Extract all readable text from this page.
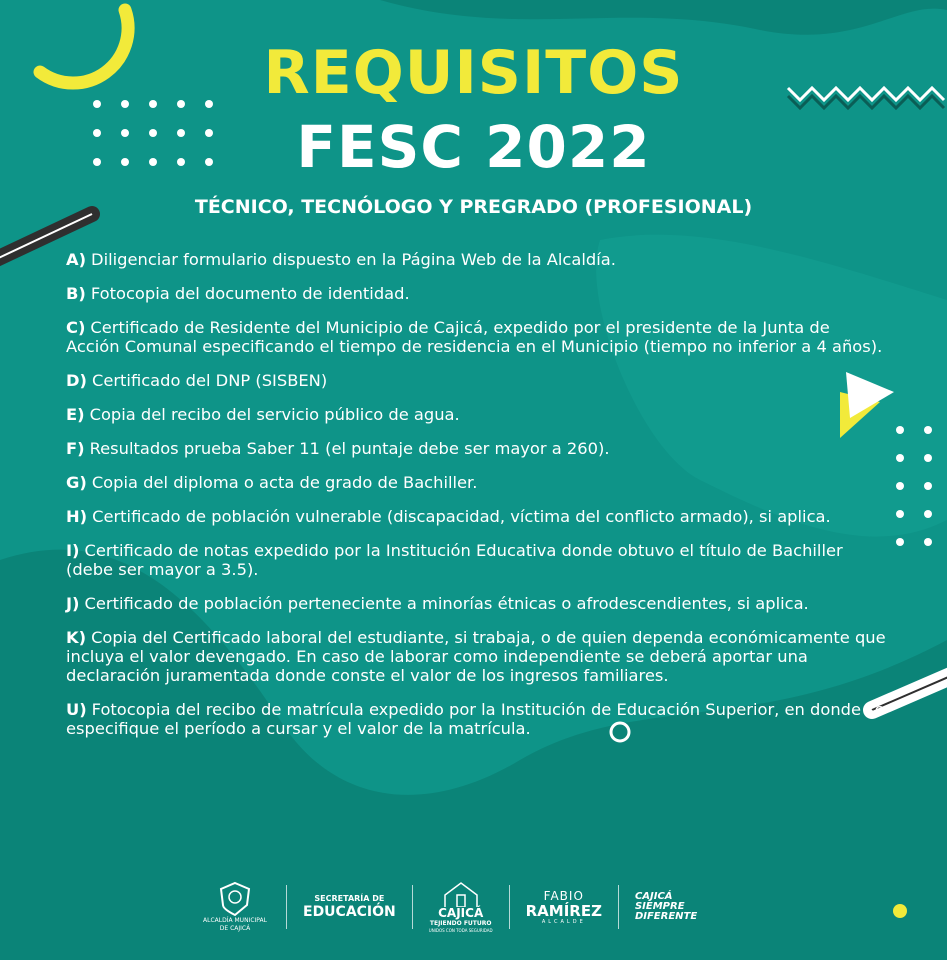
REQUISITOS
FESC 2022
TÉCNICO, TECNÓLOGO Y PREGRADO (PROFESIONAL)
A) Diligenciar formulario dispuesto en la Página Web de la Alcaldía.
B) Fotocopia del documento de identidad.
C) Certificado de Residente del Municipio de Cajicá, expedido por el presidente de la Junta de Acción Comunal especificando el tiempo de residencia en el Municipio (tiempo no inferior a 4 años).
D) Certificado del DNP (SISBEN)
E) Copia del recibo del servicio público de agua.
F) Resultados prueba Saber 11 (el puntaje debe ser mayor a 260).
G) Copia del diploma o acta de grado de Bachiller.
H) Certificado de población vulnerable (discapacidad, víctima del conflicto armado), si aplica.
I) Certificado de notas expedido por la Institución Educativa donde obtuvo el título de Bachiller (debe ser mayor a 3.5).
J) Certificado de población perteneciente a minorías étnicas o afrodescendientes, si aplica.
K) Copia del Certificado laboral del estudiante, si trabaja, o de quien dependa económicamente que incluya el valor devengado. En caso de laborar como independiente se deberá aportar una declaración juramentada donde conste el valor de los ingresos familiares.
U) Fotocopia del recibo de matrícula expedido por la Institución de Educación Superior, en donde se especifique el período a cursar y el valor de la matrícula.
ALCALDÍA MUNICIPAL DE CAJICÁ
SECRETARÍA DE
EDUCACIÓN	CAJICÁ
TEJIENDO FUTURO
UNIDOS CON TODA SEGURIDAD
FABIO
RAMÍREZ
ALCALDE
CAJICÁ
SIEMPRE
DIFERENTE
